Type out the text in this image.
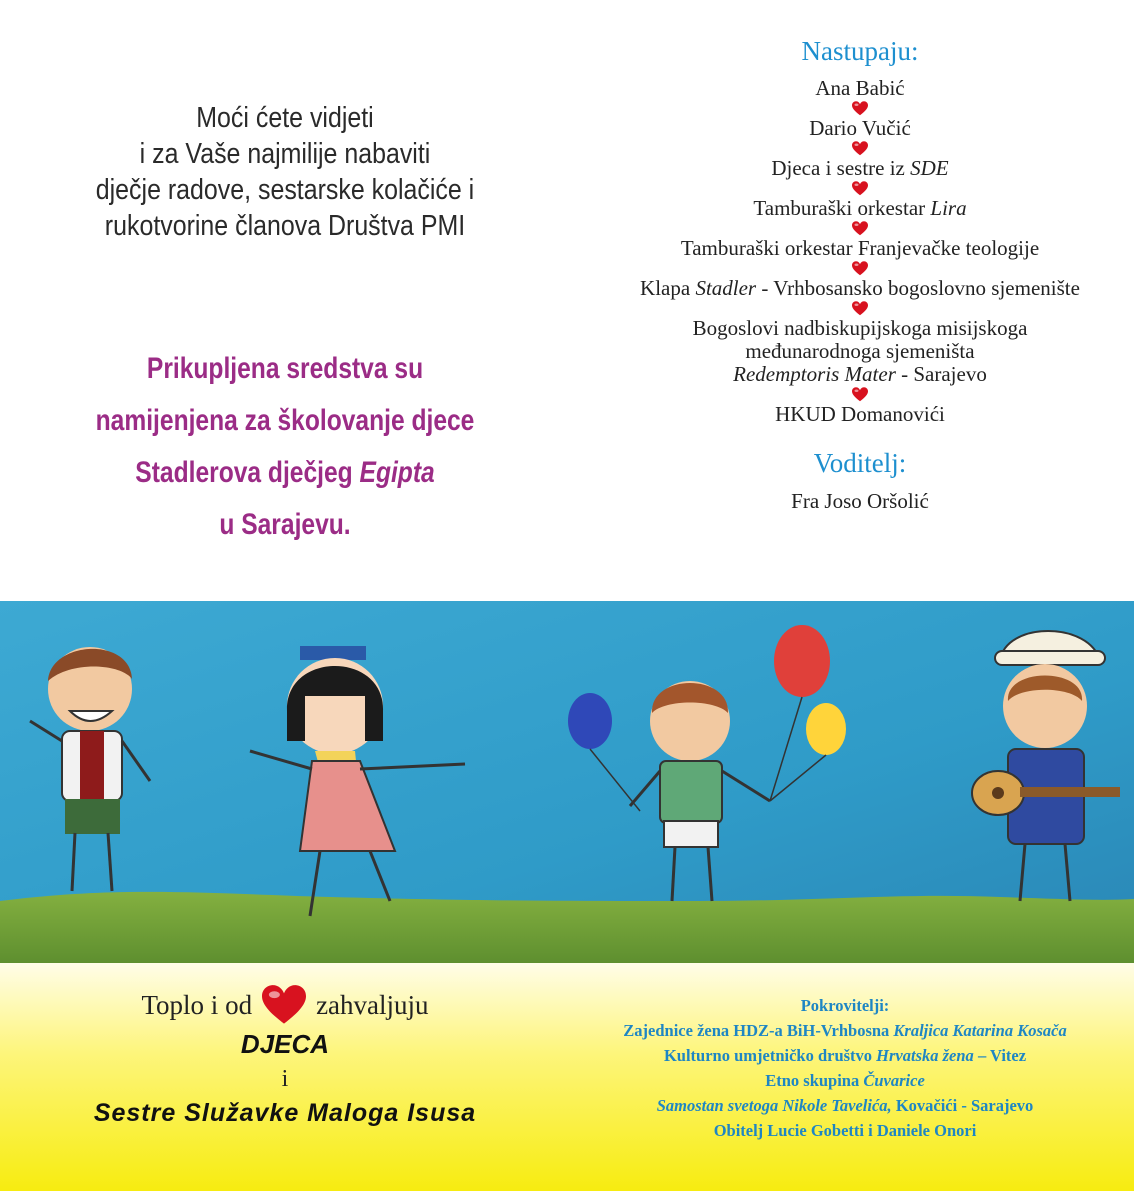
Moći ćete vidjeti
i za Vaše najmilije nabaviti
dječje radove, sestarske kolačiće i
rukotvorine članova Društva PMI
Prikupljena sredstva su
namijenjena za školovanje djece
Stadlerova dječjeg Egipta
u Sarajevu.
Nastupaju:
Ana Babić
Dario Vučić
Djeca i sestre iz SDE
Tamburaški orkestar Lira
Tamburaški orkestar Franjevačke teologije
Klapa Stadler - Vrhbosansko bogoslovno sjemenište
Bogoslovi nadbiskupijskoga misijskoga
međunarodnoga sjemeništa
Redemptoris Mater - Sarajevo
HKUD Domanovići
Voditelj:
Fra Joso Oršolić
Toplo i od zahvaljuju
DJECA
i
Sestre Služavke Maloga Isusa
Pokrovitelji:
Zajednice žena HDZ-a BiH-Vrhbosna Kraljica Katarina Kosača
Kulturno umjetničko društvo Hrvatska žena – Vitez
Etno skupina Čuvarice
Samostan svetoga Nikole Tavelića, Kovačići - Sarajevo
Obitelj Lucie Gobetti i Daniele Onori
